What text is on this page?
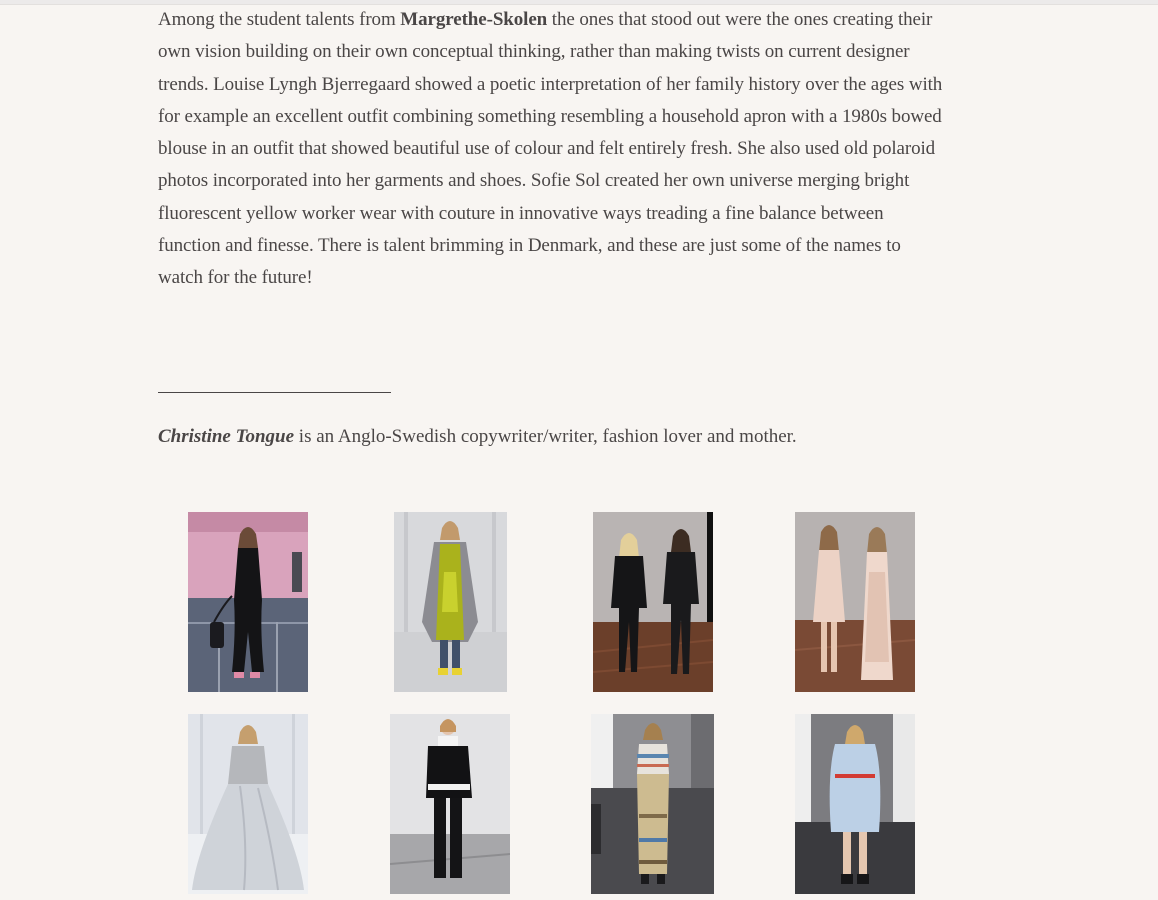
Among the student talents from Margrethe-Skolen the ones that stood out were the ones creating their own vision building on their own conceptual thinking, rather than making twists on current designer trends. Louise Lyngh Bjerregaard showed a poetic interpretation of her family history over the ages with for example an excellent outfit combining something resembling a household apron with a 1980s bowed blouse in an outfit that showed beautiful use of colour and felt entirely fresh. She also used old polaroid photos incorporated into her garments and shoes. Sofie Sol created her own universe merging bright fluorescent yellow worker wear with couture in innovative ways treading a fine balance between function and finesse. There is talent brimming in Denmark, and these are just some of the names to watch for the future!

Christine Tongue is an Anglo-Swedish copywriter/writer, fashion lover and mother.
